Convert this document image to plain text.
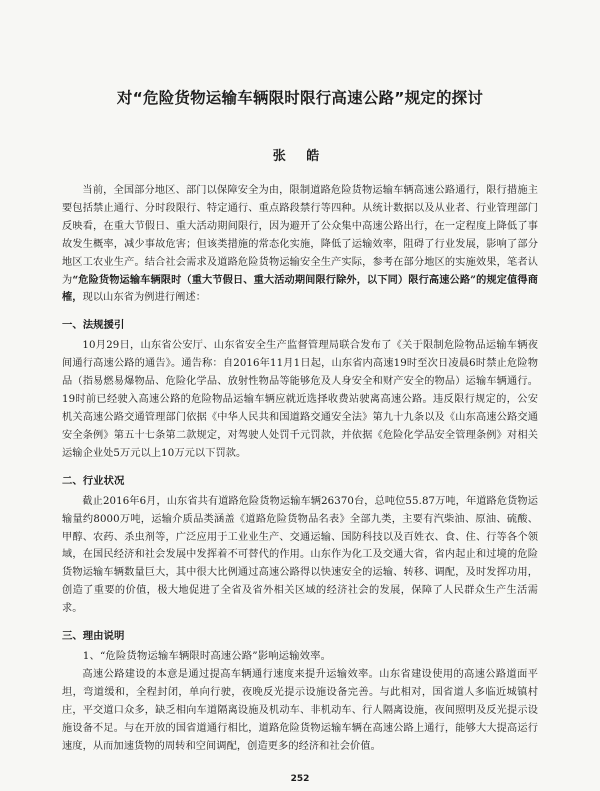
对“危险货物运输车辆限时限行高速公路”规定的探讨
张 皓

当前，全国部分地区、部门以保障安全为由，限制道路危险货物运输车辆高速公路通行，限行措施主要包括禁止通行、分时段限行、特定通行、重点路段禁行等四种。从统计数据以及从业者、行业管理部门反映看，在重大节假日、重大活动期间限行，因为避开了公众集中高速公路出行，在一定程度上降低了事故发生概率，减少事故危害；但该类措施的常态化实施，降低了运输效率，阻碍了行业发展，影响了部分地区工农业生产。结合社会需求及道路危险货物运输安全生产实际，参考在部分地区的实施效果，笔者认为“危险货物运输车辆限时（重大节假日、重大活动期间限行除外，以下同）限行高速公路”的规定值得商榷，现以山东省为例进行阐述：

一、法规援引

10月29日，山东省公安厅、山东省安全生产监督管理局联合发布了《关于限制危险物品运输车辆夜间通行高速公路的通告》。通告称：自2016年11月1日起，山东省内高速19时至次日凌晨6时禁止危险物品（指易燃易爆物品、危险化学品、放射性物品等能够危及人身安全和财产安全的物品）运输车辆通行。19时前已经驶入高速公路的危险物品运输车辆应就近选择收费站驶离高速公路。违反限行规定的，公安机关高速公路交通管理部门依据《中华人民共和国道路交通安全法》第九十九条以及《山东高速公路交通安全条例》第五十七条第二款规定，对驾驶人处罚千元罚款，并依据《危险化学品安全管理条例》对相关运输企业处5万元以上10万元以下罚款。

二、行业状况

截止2016年6月，山东省共有道路危险货物运输车辆26370台，总吨位55.87万吨，年道路危货物运输量约8000万吨，运输介质品类涵盖《道路危险货物品名表》全部九类，主要有汽柴油、原油、硫酸、甲醇、农药、杀虫剂等，广泛应用于工业业生产、交通运输、国防科技以及百姓衣、食、住、行等各个领域，在国民经济和社会发展中发挥着不可替代的作用。山东作为化工及交通大省，省内起止和过境的危险货物运输车辆数量巨大，其中很大比例通过高速公路得以快速安全的运输、转移、调配，及时发挥功用，创造了重要的价值，极大地促进了全省及省外相关区域的经济社会的发展，保障了人民群众生产生活需求。

三、理由说明

1、“危险货物运输车辆限时高速公路”影响运输效率。

高速公路建设的本意是通过提高车辆通行速度来提升运输效率。山东省建设使用的高速公路道面平坦，弯道缓和，全程封闭，单向行驶，夜晚反光提示设施设备完善。与此相对，国省道人多临近城镇村庄，平交道口众多，缺乏相向车道隔离设施及机动车、非机动车、行人隔离设施，夜间照明及反光提示设施设备不足。与在开放的国省道通行相比，道路危险货物运输车辆在高速公路上通行，能够大大提高运行速度，从而加速货物的周转和空间调配，创造更多的经济和社会价值。

252
